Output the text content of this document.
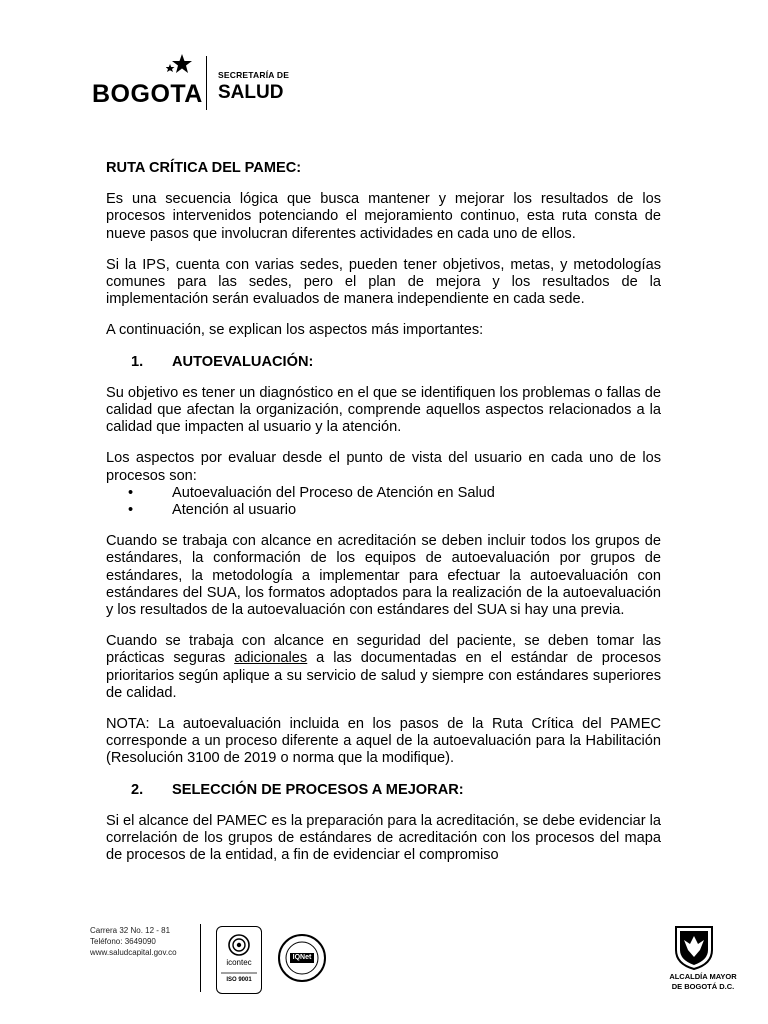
BOGOTA
SECRETARÍA DE
SALUD
RUTA CRÍTICA DEL PAMEC:

Es una secuencia lógica que busca mantener y mejorar los resultados de los procesos intervenidos potenciando el mejoramiento continuo, esta ruta consta de nueve pasos que involucran diferentes actividades en cada uno de ellos.

Si la IPS, cuenta con varias sedes, pueden tener objetivos, metas, y metodologías comunes para las sedes, pero el plan de mejora y los resultados de la implementación serán evaluados de manera independiente en cada sede.

A continuación, se explican los aspectos más importantes:

1.	AUTOEVALUACIÓN:

Su objetivo es tener un diagnóstico en el que se identifiquen los problemas o fallas de calidad que afectan la organización, comprende aquellos aspectos relacionados a la calidad que impacten al usuario y la atención.

Los aspectos por evaluar desde el punto de vista del usuario en cada uno de los procesos son:

•	Autoevaluación del Proceso de Atención en Salud
•	Atención al usuario

Cuando se trabaja con alcance en acreditación se deben incluir todos los grupos de estándares, la conformación de los equipos de autoevaluación por grupos de estándares, la metodología a implementar para efectuar la autoevaluación con estándares del SUA, los formatos adoptados para la realización de la autoevaluación y los resultados de la autoevaluación con estándares del SUA si hay una previa.

Cuando se trabaja con alcance en seguridad del paciente, se deben tomar las prácticas seguras adicionales a las documentadas en el estándar de procesos prioritarios según aplique a su servicio de salud y siempre con estándares superiores de calidad.

NOTA: La autoevaluación incluida en los pasos de la Ruta Crítica del PAMEC corresponde a un proceso diferente a aquel de la autoevaluación para la Habilitación (Resolución 3100 de 2019 o norma que la modifique).

2.	SELECCIÓN DE PROCESOS A MEJORAR:

Si el alcance del PAMEC es la preparación para la acreditación, se debe evidenciar la correlación de los grupos de estándares de acreditación con los procesos del mapa de procesos de la entidad, a fin de evidenciar el compromiso

Carrera 32 No. 12 - 81
Teléfono: 3649090
www.saludcapital.gov.co
icontec
ISO 9001
IQNet
ALCALDÍA MAYOR
DE BOGOTÁ D.C.
